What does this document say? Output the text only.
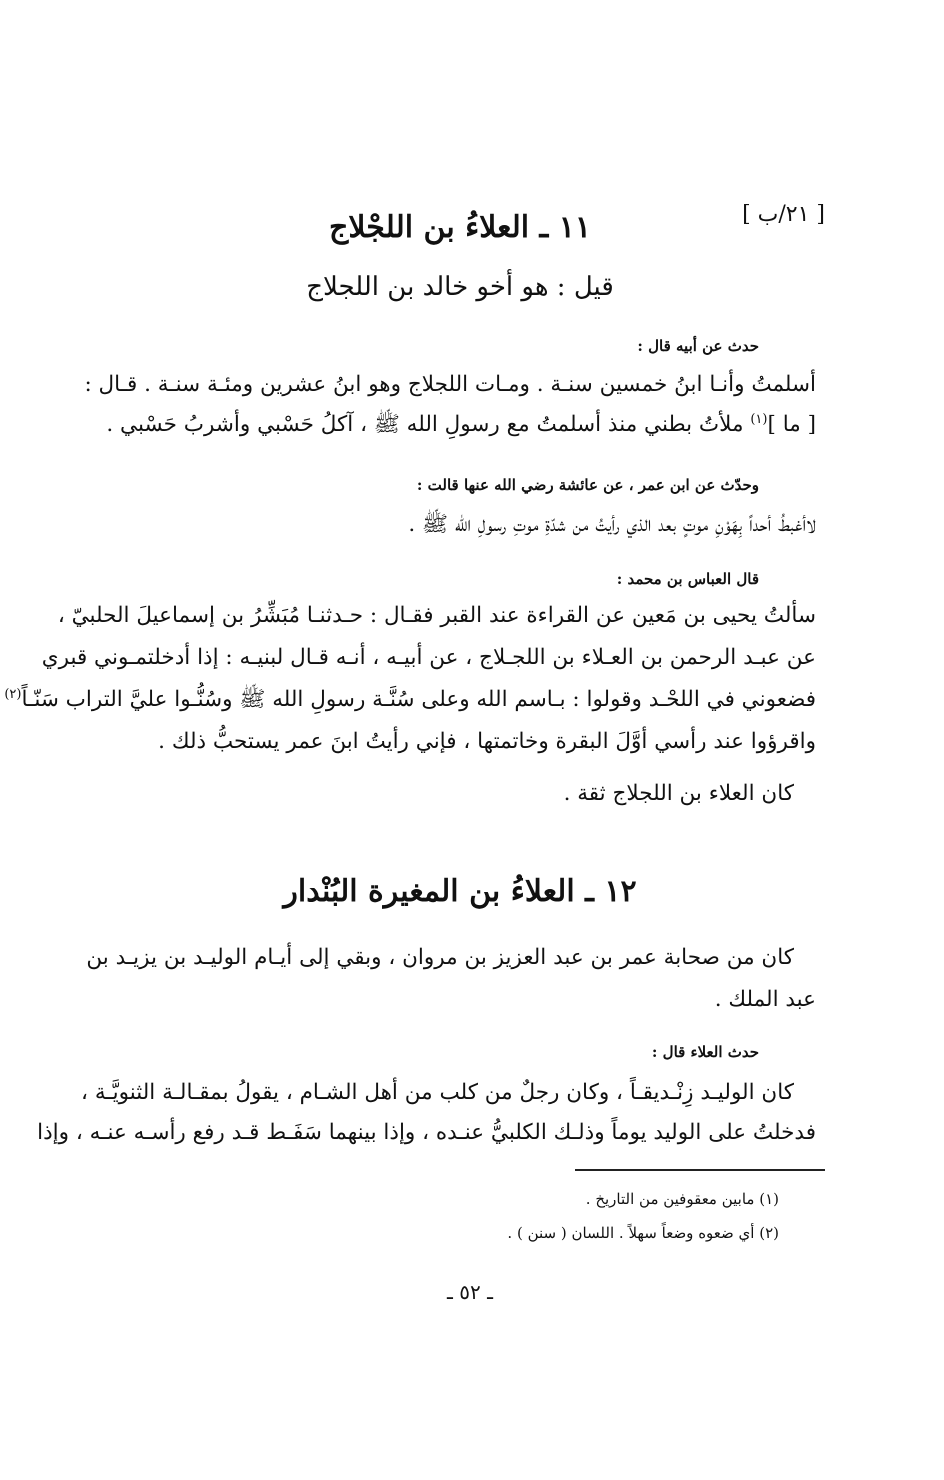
[ ٢١/ب ]
١١ ـ العلاءُ بن اللجْلاج
قيل : هو أخو خالد بن اللجلاج
حدث عن أبيه قال :
أسلمتُ وأنـا ابنُ خمسين سنـة . ومـات اللجلاج وهو ابنُ عشرين ومئـة سنـة . قـال :
[ ما ]$^{(١)}$ ملأتُ بطني منذ أسلمتُ مع رسولِ الله ﷺ ، آكلُ حَسْبي وأشربُ حَسْبي .
وحدّث عن ابن عمر ، عن عائشة رضي الله عنها قالت :
لاأغبطُ أحداً بِهَوْنِ موتٍ بعد الذي رأيتُ من شدّةِ موتِ رسولِ الله ﷺ .
قال العباس بن محمد :
سألتُ يحيى بن مَعين عن القراءة عند القبر فقـال : حـدثنـا مُبَشِّرُ بن إسماعيلَ الحلبيّ ،
عن عبـد الرحمن بن العـلاء بن اللجـلاج ، عن أبيـه ، أنـه قـال لبنيـه : إذا أدخلتمـوني قبري
فضعوني في اللحْـد وقولوا : بـاسم الله وعلى سُنَّـة رسولِ الله ﷺ وسُنُّـوا عليَّ التراب سَنّـاً$^{(٢)}$
واقرؤوا عند رأسي أوَّلَ البقرة وخاتمتها ، فإني رأيتُ ابنَ عمر يستحبُّ ذلك .
كان العلاء بن اللجلاج ثقة .
١٢ ـ العلاءُ بن المغيرة البُنْدار
كان من صحابة عمر بن عبد العزيز بن مروان ، وبقي إلى أيـام الوليـد بن يزيـد بن
عبد الملك .
حدث العلاء قال :
كان الوليـد زِنْـديقـاً ، وكان رجلٌ من كلب من أهل الشـام ، يقولُ بمقـالـة الثنويَّـة ،
فدخلتُ على الوليد يوماً وذلـك الكلبيُّ عنـده ، وإذا بينهما سَفَـط قـد رفع رأسـه عنـه ، وإذا
(١) مابين معقوفين من التاريخ .
(٢) أي ضعوه وضعاً سهلاً . اللسان ( سنن ) .
ـ ٥٢ ـ
